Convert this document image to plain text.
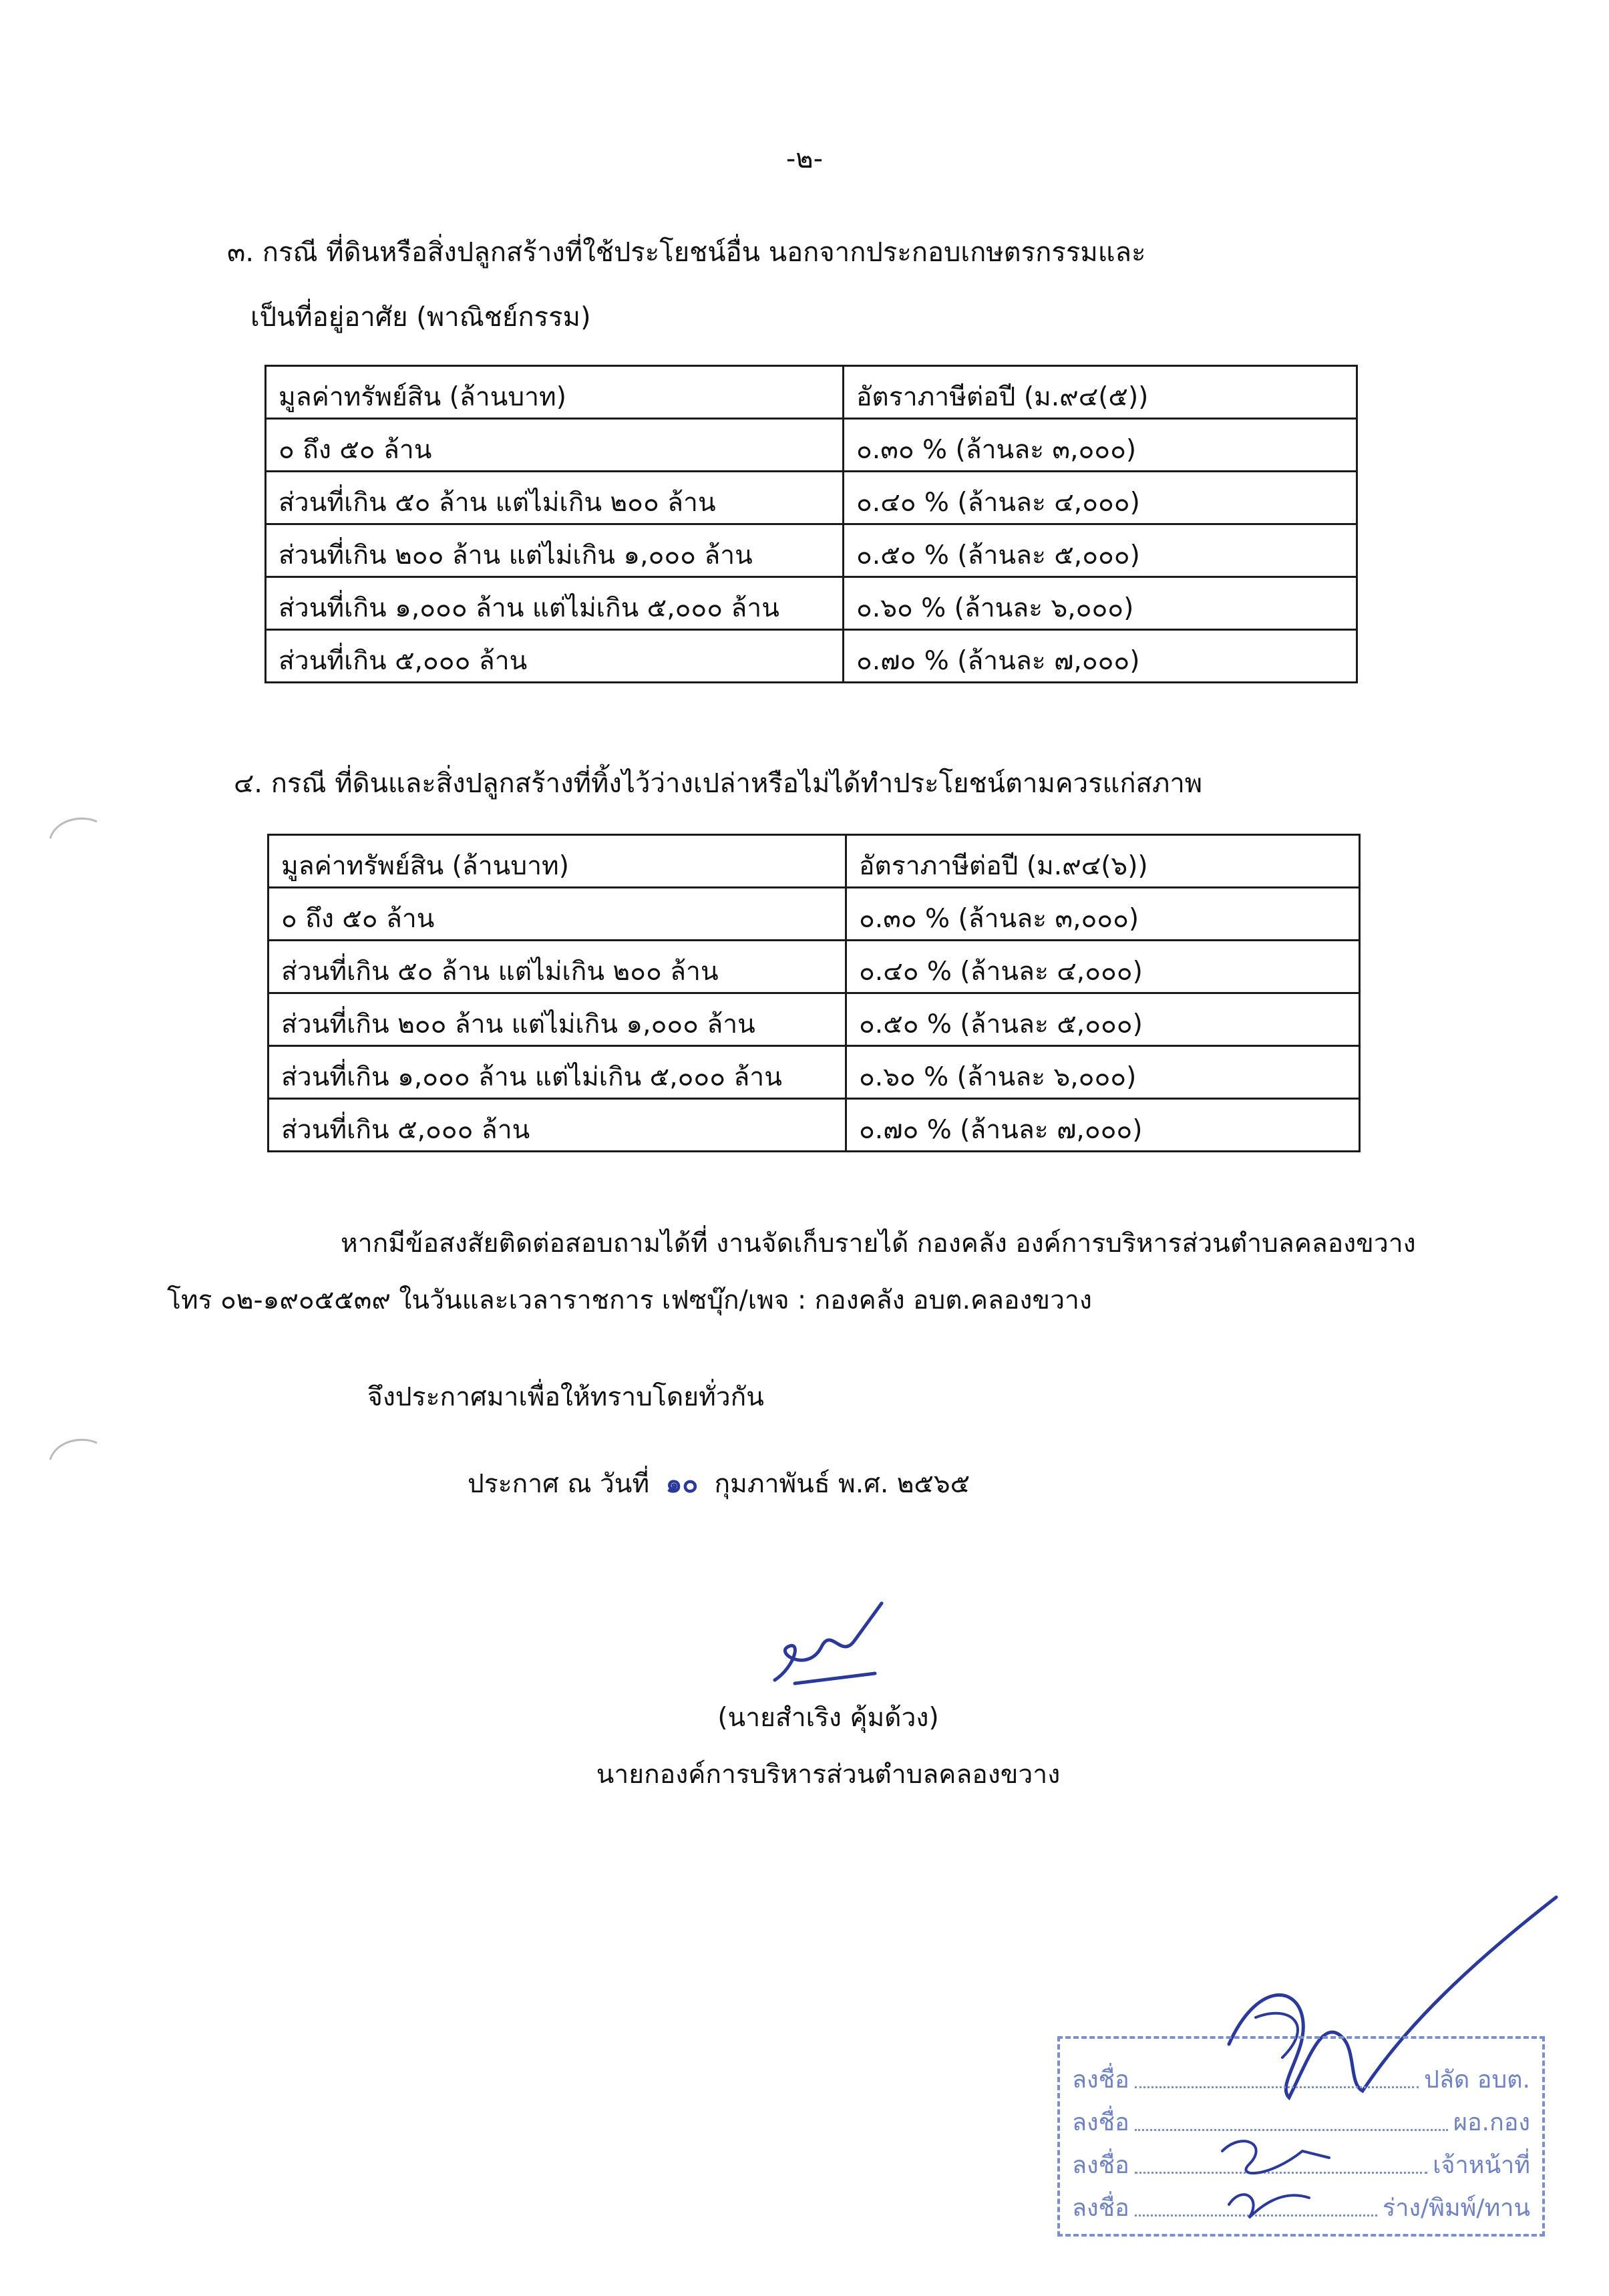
-๒-
๓. กรณี ที่ดินหรือสิ่งปลูกสร้างที่ใช้ประโยชน์อื่น นอกจากประกอบเกษตรกรรมและ
เป็นที่อยู่อาศัย (พาณิชย์กรรม)
มูลค่าทรัพย์สิน (ล้านบาท)	อัตราภาษีต่อปี (ม.๙๔(๕))
๐ ถึง ๕๐ ล้าน	๐.๓๐ % (ล้านละ ๓,๐๐๐)
ส่วนที่เกิน ๕๐ ล้าน แต่ไม่เกิน ๒๐๐ ล้าน	๐.๔๐ % (ล้านละ ๔,๐๐๐)
ส่วนที่เกิน ๒๐๐ ล้าน แต่ไม่เกิน ๑,๐๐๐ ล้าน	๐.๕๐ % (ล้านละ ๕,๐๐๐)
ส่วนที่เกิน ๑,๐๐๐ ล้าน แต่ไม่เกิน ๕,๐๐๐ ล้าน	๐.๖๐ % (ล้านละ ๖,๐๐๐)
ส่วนที่เกิน ๕,๐๐๐ ล้าน	๐.๗๐ % (ล้านละ ๗,๐๐๐)
๔. กรณี ที่ดินและสิ่งปลูกสร้างที่ทิ้งไว้ว่างเปล่าหรือไม่ได้ทำประโยชน์ตามควรแก่สภาพ
มูลค่าทรัพย์สิน (ล้านบาท)	อัตราภาษีต่อปี (ม.๙๔(๖))
๐ ถึง ๕๐ ล้าน	๐.๓๐ % (ล้านละ ๓,๐๐๐)
ส่วนที่เกิน ๕๐ ล้าน แต่ไม่เกิน ๒๐๐ ล้าน	๐.๔๐ % (ล้านละ ๔,๐๐๐)
ส่วนที่เกิน ๒๐๐ ล้าน แต่ไม่เกิน ๑,๐๐๐ ล้าน	๐.๕๐ % (ล้านละ ๕,๐๐๐)
ส่วนที่เกิน ๑,๐๐๐ ล้าน แต่ไม่เกิน ๕,๐๐๐ ล้าน	๐.๖๐ % (ล้านละ ๖,๐๐๐)
ส่วนที่เกิน ๕,๐๐๐ ล้าน	๐.๗๐ % (ล้านละ ๗,๐๐๐)
หากมีข้อสงสัยติดต่อสอบถามได้ที่ งานจัดเก็บรายได้ กองคลัง องค์การบริหารส่วนตำบลคลองขวาง
โทร ๐๒-๑๙๐๕๕๓๙ ในวันและเวลาราชการ เฟซบุ๊ก/เพจ : กองคลัง อบต.คลองขวาง
จึงประกาศมาเพื่อให้ทราบโดยทั่วกัน
ประกาศ ณ วันที่ ๑๐ กุมภาพันธ์ พ.ศ. ๒๕๖๕
(นายสำเริง คุ้มด้วง)
นายกองค์การบริหารส่วนตำบลคลองขวาง
ลงชื่อ	ปลัด อบต.
ลงชื่อ	ผอ.กอง
ลงชื่อ	เจ้าหน้าที่
ลงชื่อ	ร่าง/พิมพ์/ทาน
